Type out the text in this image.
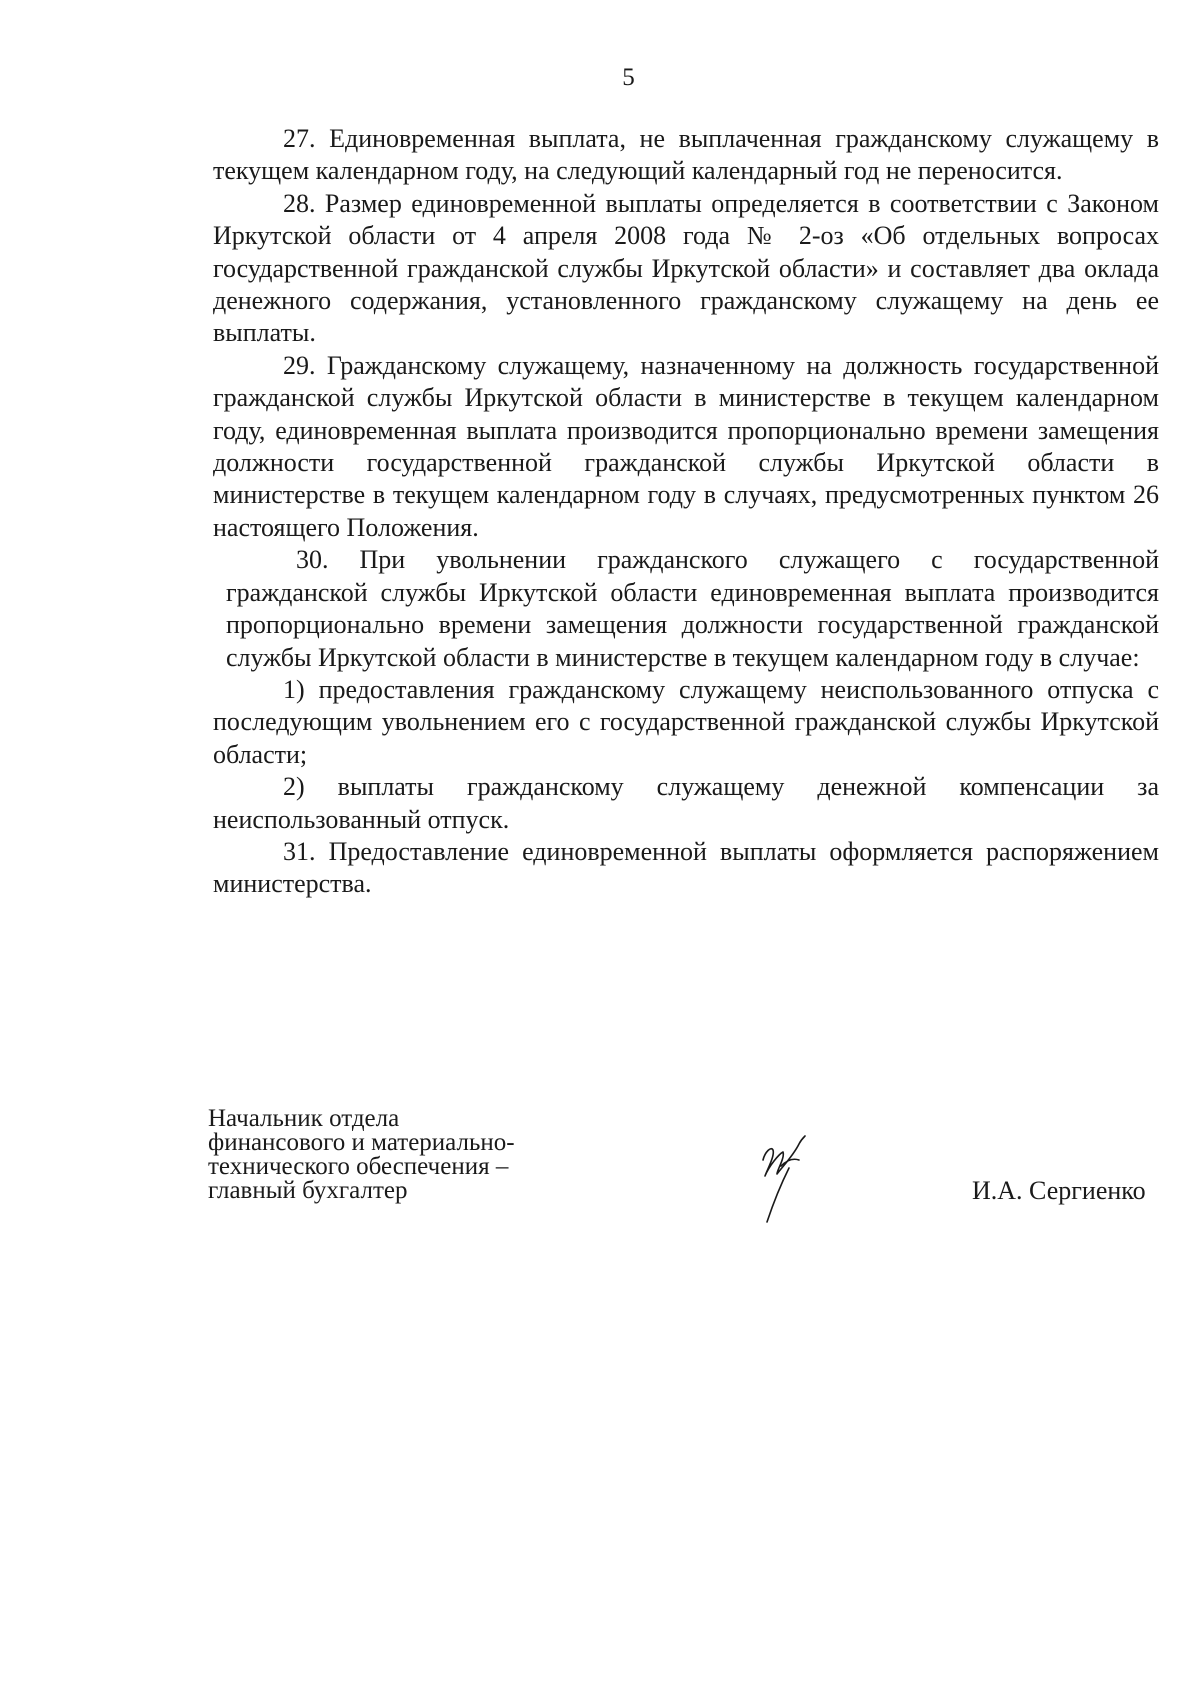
5

27. Единовременная выплата, не выплаченная гражданскому служащему в текущем календарном году, на следующий календарный год не переносится.

28. Размер единовременной выплаты определяется в соответствии с Законом Иркутской области от 4 апреля 2008 года № 2-оз «Об отдельных вопросах государственной гражданской службы Иркутской области» и составляет два оклада денежного содержания, установленного гражданскому служащему на день ее выплаты.

29. Гражданскому служащему, назначенному на должность государственной гражданской службы Иркутской области в министерстве в текущем календарном году, единовременная выплата производится пропорционально времени замещения должности государственной гражданской службы Иркутской области в министерстве в текущем календарном году в случаях, предусмотренных пунктом 26 настоящего Положения.

30. При увольнении гражданского служащего с государственной гражданской службы Иркутской области единовременная выплата производится пропорционально времени замещения должности государственной гражданской службы Иркутской области в министерстве в текущем календарном году в случае:

1) предоставления гражданскому служащему неиспользованного отпуска с последующим увольнением его с государственной гражданской службы Иркутской области;

2) выплаты гражданскому служащему денежной компенсации за неиспользованный отпуск.

31. Предоставление единовременной выплаты оформляется распоряжением министерства.

Начальник отдела
финансового и материально-
технического обеспечения –
главный бухгалтер	И.А. Сергиенко
